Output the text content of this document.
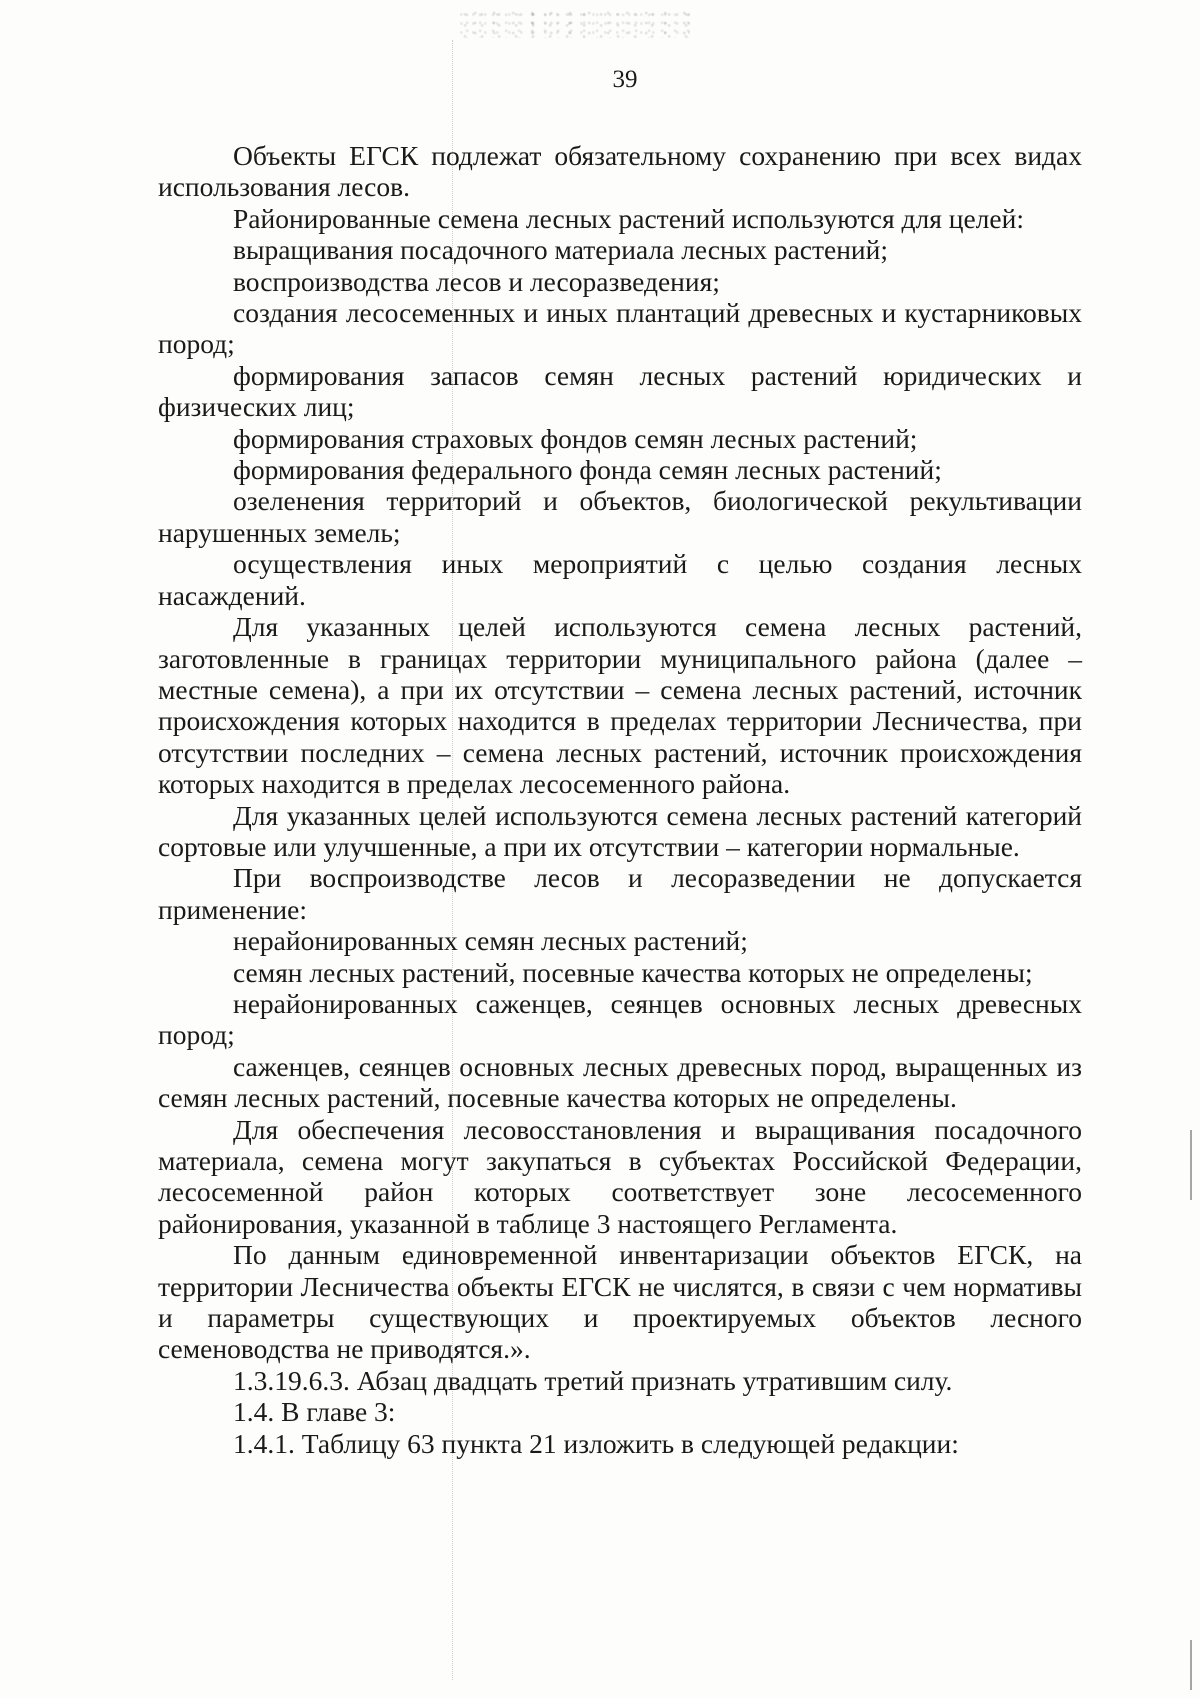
39

Объекты ЕГСК подлежат обязательному сохранению при всех видах использования лесов.

Районированные семена лесных растений используются для целей:

выращивания посадочного материала лесных растений;

воспроизводства лесов и лесоразведения;

создания лесосеменных и иных плантаций древесных и кустарниковых пород;

формирования запасов семян лесных растений юридических и физических лиц;

формирования страховых фондов семян лесных растений;

формирования федерального фонда семян лесных растений;

озеленения территорий и объектов, биологической рекультивации нарушенных земель;

осуществления иных мероприятий с целью создания лесных насаждений.

Для указанных целей используются семена лесных растений, заготовленные в границах территории муниципального района (далее – местные семена), а при их отсутствии – семена лесных растений, источник происхождения которых находится в пределах территории Лесничества, при отсутствии последних – семена лесных растений, источник происхождения которых находится в пределах лесосеменного района.

Для указанных целей используются семена лесных растений категорий сортовые или улучшенные, а при их отсутствии – категории нормальные.

При воспроизводстве лесов и лесоразведении не допускается применение:

нерайонированных семян лесных растений;

семян лесных растений, посевные качества которых не определены;

нерайонированных саженцев, сеянцев основных лесных древесных пород;

саженцев, сеянцев основных лесных древесных пород, выращенных из семян лесных растений, посевные качества которых не определены.

Для обеспечения лесовосстановления и выращивания посадочного материала, семена могут закупаться в субъектах Российской Федерации, лесосеменной район которых соответствует зоне лесосеменного районирования, указанной в таблице 3 настоящего Регламента.

По данным единовременной инвентаризации объектов ЕГСК, на территории Лесничества объекты ЕГСК не числятся, в связи с чем нормативы и параметры существующих и проектируемых объектов лесного семеноводства не приводятся.».

1.3.19.6.3. Абзац двадцать третий признать утратившим силу.

1.4. В главе 3:

1.4.1. Таблицу 63 пункта 21 изложить в следующей редакции:
